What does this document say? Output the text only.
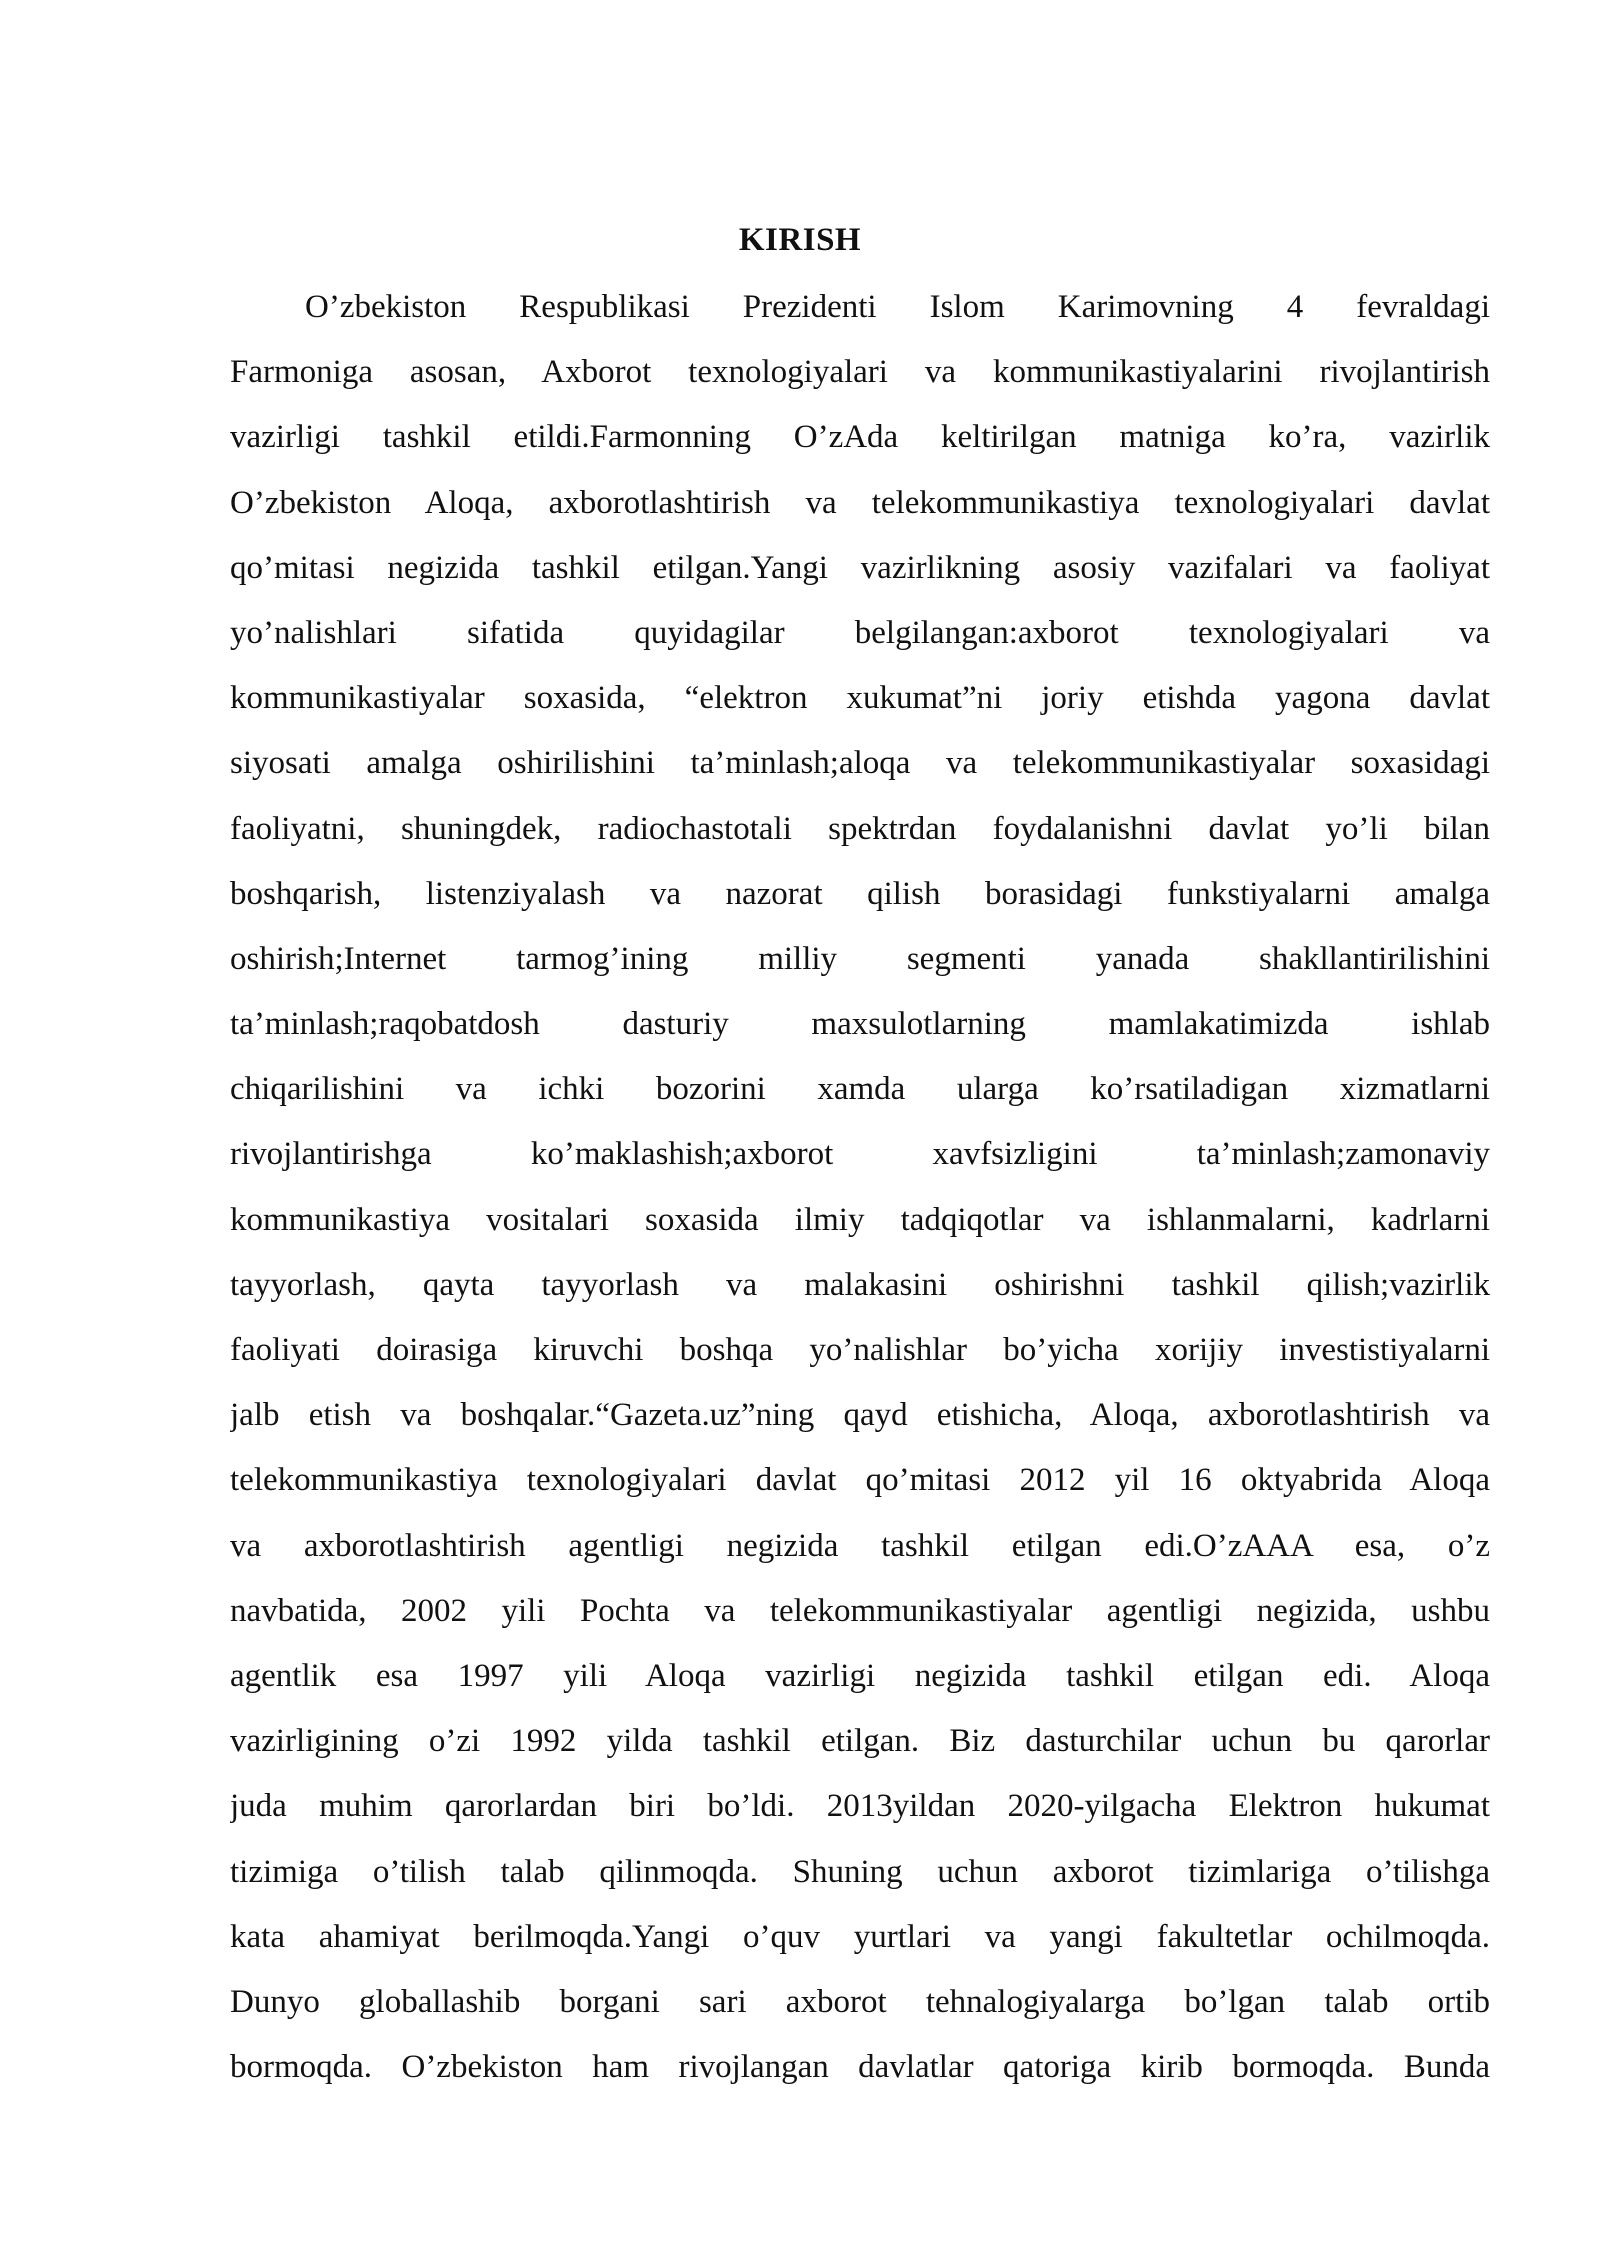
KIRISH
O’zbekiston Respublikasi Prezidenti Islom Karimovning 4 fevraldagi
Farmoniga asosan, Axborot texnologiyalari va kommunikastiyalarini rivojlantirish
vazirligi tashkil etildi.Farmonning O’zAda keltirilgan matniga ko’ra, vazirlik
O’zbekiston Aloqa, axborotlashtirish va telekommunikastiya texnologiyalari davlat
qo’mitasi negizida tashkil etilgan.Yangi vazirlikning asosiy vazifalari va faoliyat
yo’nalishlari sifatida quyidagilar belgilangan:axborot texnologiyalari va
kommunikastiyalar soxasida, “elektron xukumat”ni joriy etishda yagona davlat
siyosati amalga oshirilishini ta’minlash;aloqa va telekommunikastiyalar soxasidagi
faoliyatni, shuningdek, radiochastotali spektrdan foydalanishni davlat yo’li bilan
boshqarish, listenziyalash va nazorat qilish borasidagi funkstiyalarni amalga
oshirish;Internet tarmog’ining milliy segmenti yanada shakllantirilishini
ta’minlash;raqobatdosh dasturiy maxsulotlarning mamlakatimizda ishlab
chiqarilishini va ichki bozorini xamda ularga ko’rsatiladigan xizmatlarni
rivojlantirishga ko’maklashish;axborot xavfsizligini ta’minlash;zamonaviy
kommunikastiya vositalari soxasida ilmiy tadqiqotlar va ishlanmalarni, kadrlarni
tayyorlash, qayta tayyorlash va malakasini oshirishni tashkil qilish;vazirlik
faoliyati doirasiga kiruvchi boshqa yo’nalishlar bo’yicha xorijiy investistiyalarni
jalb etish va boshqalar.“Gazeta.uz”ning qayd etishicha, Aloqa, axborotlashtirish va
telekommunikastiya texnologiyalari davlat qo’mitasi 2012 yil 16 oktyabrida Aloqa
va axborotlashtirish agentligi negizida tashkil etilgan edi.O’zAAA esa, o’z
navbatida, 2002 yili Pochta va telekommunikastiyalar agentligi negizida, ushbu
agentlik esa 1997 yili Aloqa vazirligi negizida tashkil etilgan edi. Aloqa
vazirligining o’zi 1992 yilda tashkil etilgan. Biz dasturchilar uchun bu qarorlar
juda muhim qarorlardan biri bo’ldi. 2013yildan 2020-yilgacha Elektron hukumat
tizimiga o’tilish talab qilinmoqda. Shuning uchun axborot tizimlariga o’tilishga
kata ahamiyat berilmoqda.Yangi o’quv yurtlari va yangi fakultetlar ochilmoqda.
Dunyo globallashib borgani sari axborot tehnalogiyalarga bo’lgan talab ortib
bormoqda. O’zbekiston ham rivojlangan davlatlar qatoriga kirib bormoqda. Bunda
